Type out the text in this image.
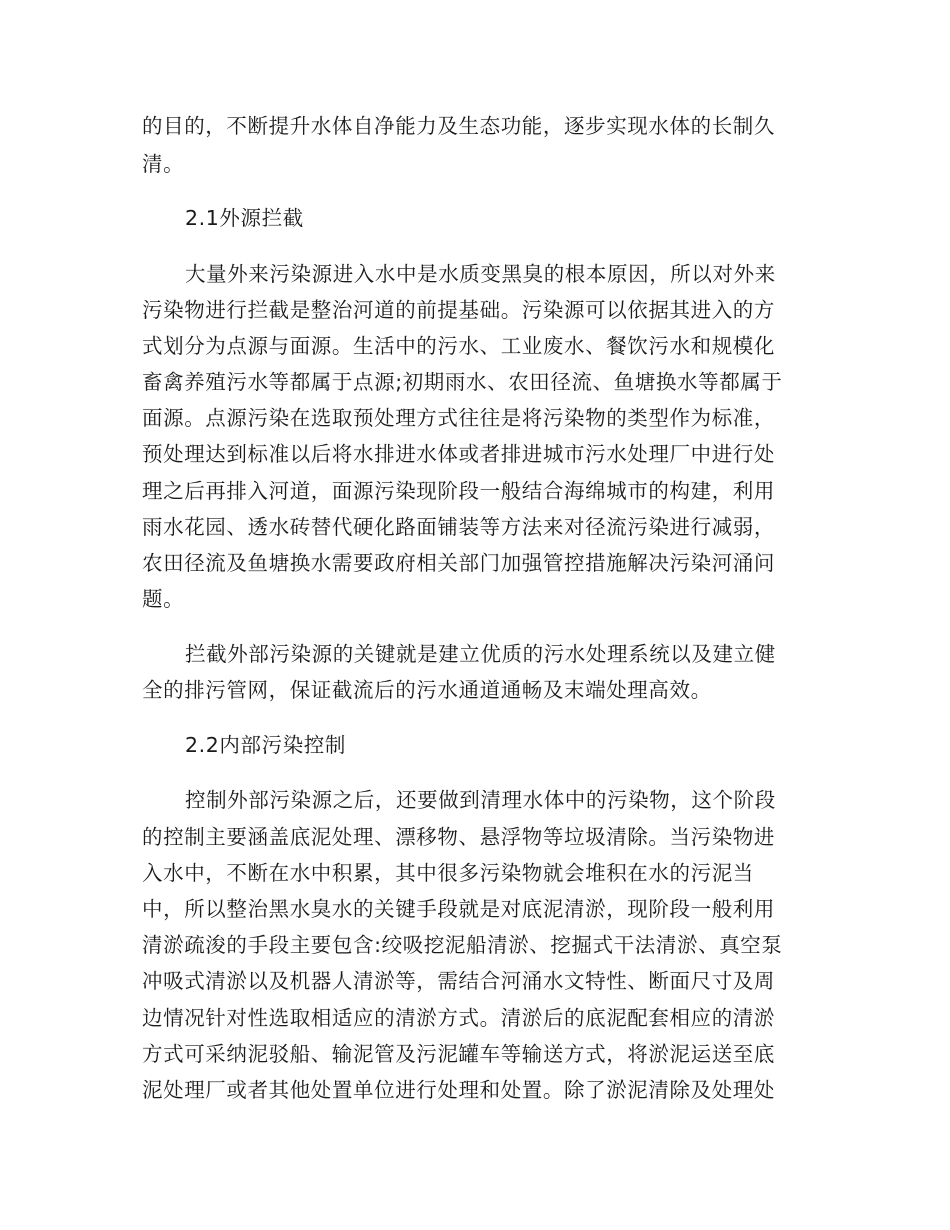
的目的，不断提升水体自净能力及生态功能，逐步实现水体的长制久
清。
2.1外源拦截
大量外来污染源进入水中是水质变黑臭的根本原因，所以对外来
污染物进行拦截是整治河道的前提基础。污染源可以依据其进入的方
式划分为点源与面源。生活中的污水、工业废水、餐饮污水和规模化
畜禽养殖污水等都属于点源;初期雨水、农田径流、鱼塘换水等都属于
面源。点源污染在选取预处理方式往往是将污染物的类型作为标准，
预处理达到标准以后将水排进水体或者排进城市污水处理厂中进行处
理之后再排入河道，面源污染现阶段一般结合海绵城市的构建，利用
雨水花园、透水砖替代硬化路面铺装等方法来对径流污染进行减弱，
农田径流及鱼塘换水需要政府相关部门加强管控措施解决污染河涌问
题。
拦截外部污染源的关键就是建立优质的污水处理系统以及建立健
全的排污管网，保证截流后的污水通道通畅及末端处理高效。
2.2内部污染控制
控制外部污染源之后，还要做到清理水体中的污染物，这个阶段
的控制主要涵盖底泥处理、漂移物、悬浮物等垃圾清除。当污染物进
入水中，不断在水中积累，其中很多污染物就会堆积在水的污泥当
中，所以整治黑水臭水的关键手段就是对底泥清淤，现阶段一般利用
清淤疏浚的手段主要包含:绞吸挖泥船清淤、挖掘式干法清淤、真空泵
冲吸式清淤以及机器人清淤等，需结合河涌水文特性、断面尺寸及周
边情况针对性选取相适应的清淤方式。清淤后的底泥配套相应的清淤
方式可采纳泥驳船、输泥管及污泥罐车等输送方式，将淤泥运送至底
泥处理厂或者其他处置单位进行处理和处置。除了淤泥清除及处理处
